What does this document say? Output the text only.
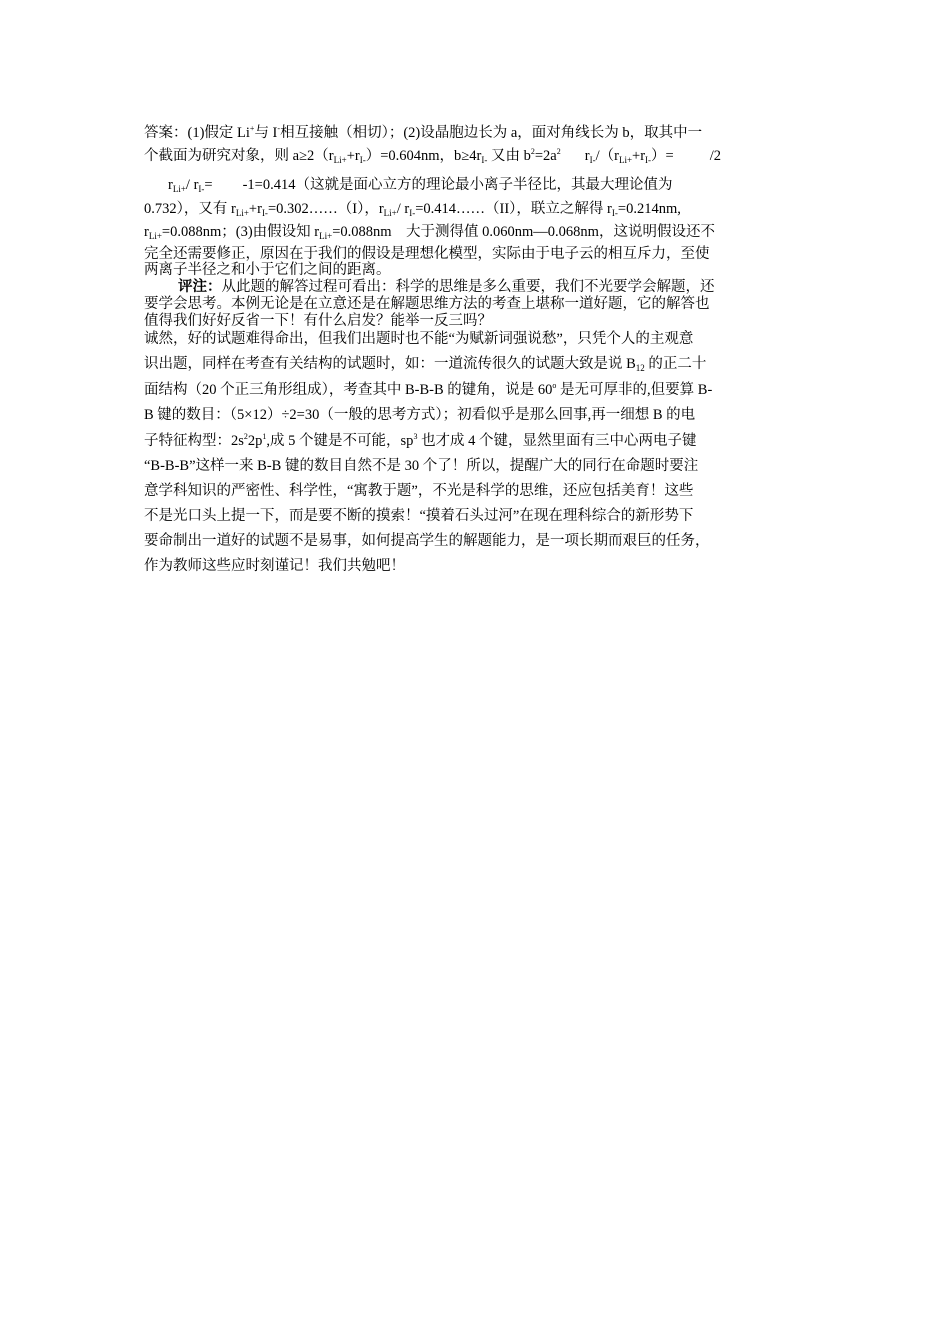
答案：(1)假定 Li+与 I-相互接触（相切）；(2)设晶胞边长为 a，面对角线长为 b，取其中一
个截面为研究对象，则 $a\ge 2(r_{Li+}+r_{I-})=0.604nm$，$b\ge 4r_{I-}$ 又由 $b^2=2a^2$ $r_{I-}/(r_{Li+}+r_{I-})= /2$
$r_{Li+}/$ $r_{I-}= -1=0.414$（这就是面心立方的理论最小离子半径比，其最大理论值为
0.732），又有 $r_{Li+}+r_{I-}=0.302\dots\dots(I)$，$r_{Li+}/$ $r_{I-}=0.414\dots\dots(II)$，联立之解得 $r_{I-}=0.214nm$,
$r_{Li+}=0.088nm$；(3)由假设知 $r_{Li+}=0.088nm$　大于测得值 0.060nm—0.068nm，这说明假设还不
完全还需要修正，原因在于我们的假设是理想化模型，实际由于电子云的相互斥力，至使
两离子半径之和小于它们之间的距离。
评注：从此题的解答过程可看出：科学的思维是多么重要，我们不光要学会解题，还
要学会思考。本例无论是在立意还是在解题思维方法的考查上堪称一道好题，它的解答也
值得我们好好反省一下！有什么启发？能举一反三吗？
诚然，好的试题难得命出，但我们出题时也不能“为赋新词强说愁”，只凭个人的主观意
识出题，同样在考查有关结构的试题时，如：一道流传很久的试题大致是说 $B_{12}$ 的正二十
面结构（20 个正三角形组成），考查其中 B-B-B 的键角，说是 60$^o$ 是无可厚非的,但要算 B-
B 键的数目：（5×12）÷2=30（一般的思考方式）；初看似乎是那么回事,再一细想 B 的电
子特征构型：$2s^22p^1$,成 5 个键是不可能，$sp^3$ 也才成 4 个键，显然里面有三中心两电子键
“B-B-B”这样一来 B-B 键的数目自然不是 30 个了！所以，提醒广大的同行在命题时要注
意学科知识的严密性、科学性，“寓教于题”，不光是科学的思维，还应包括美育！这些
不是光口头上提一下，而是要不断的摸索！“摸着石头过河”在现在理科综合的新形势下
要命制出一道好的试题不是易事，如何提高学生的解题能力，是一项长期而艰巨的任务，
作为教师这些应时刻谨记！我们共勉吧！
